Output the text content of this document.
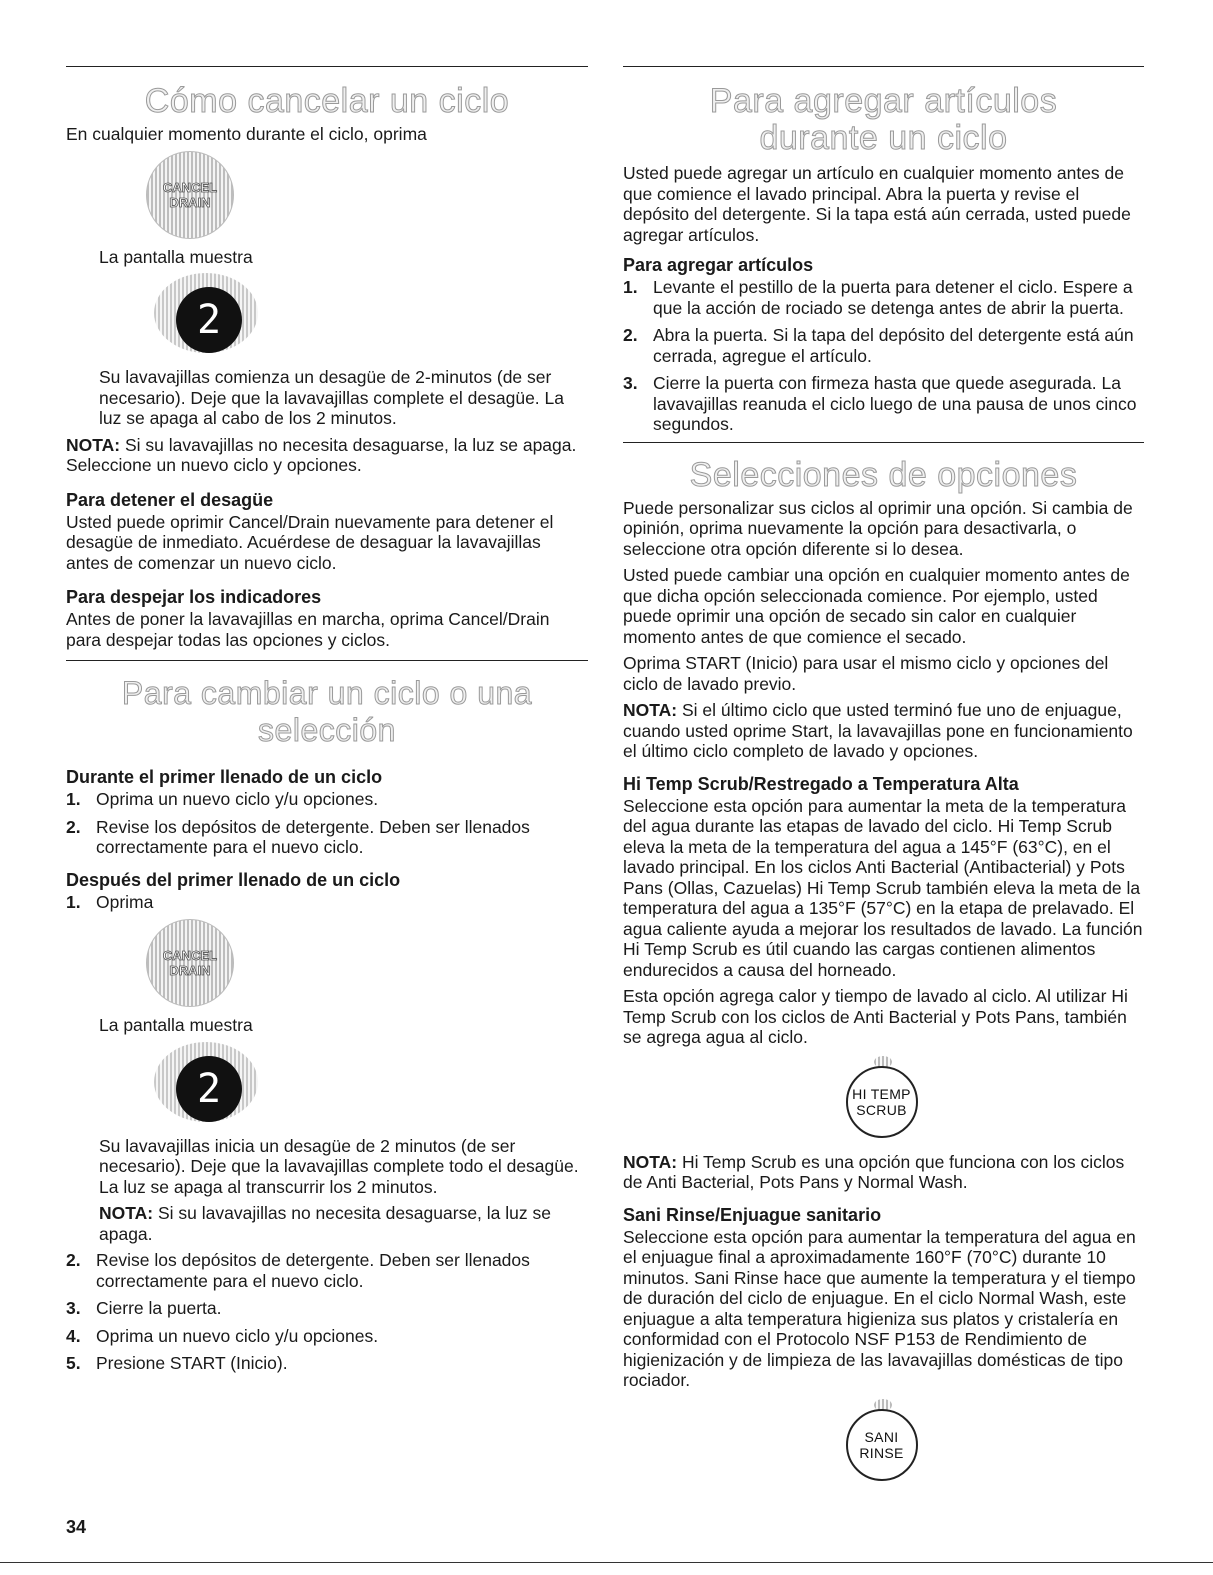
Cómo cancelar un ciclo

En cualquier momento durante el ciclo, oprima

CANCEL DRAIN

La pantalla muestra

2

Su lavavajillas comienza un desagüe de 2-minutos (de ser necesario). Deje que la lavavajillas complete el desagüe. La luz se apaga al cabo de los 2 minutos.

NOTA: Si su lavavajillas no necesita desaguarse, la luz se apaga. Seleccione un nuevo ciclo y opciones.

Para detener el desagüe

Usted puede oprimir Cancel/Drain nuevamente para detener el desagüe de inmediato. Acuérdese de desaguar la lavavajillas antes de comenzar un nuevo ciclo.

Para despejar los indicadores

Antes de poner la lavavajillas en marcha, oprima Cancel/Drain para despejar todas las opciones y ciclos.

Para cambiar un ciclo o una selección
Durante el primer llenado de un ciclo
1. Oprima un nuevo ciclo y/u opciones.
2. Revise los depósitos de detergente. Deben ser llenados correctamente para el nuevo ciclo.
Después del primer llenado de un ciclo
1. Oprima
CANCEL DRAIN

La pantalla muestra

2

Su lavavajillas inicia un desagüe de 2 minutos (de ser necesario). Deje que la lavavajillas complete todo el desagüe. La luz se apaga al transcurrir los 2 minutos.

NOTA: Si su lavavajillas no necesita desaguarse, la luz se apaga.

2. Revise los depósitos de detergente. Deben ser llenados correctamente para el nuevo ciclo.
3. Cierre la puerta.
4. Oprima un nuevo ciclo y/u opciones.
5. Presione START (Inicio).
Para agregar artículos durante un ciclo

Usted puede agregar un artículo en cualquier momento antes de que comience el lavado principal. Abra la puerta y revise el depósito del detergente. Si la tapa está aún cerrada, usted puede agregar artículos.

Para agregar artículos
1. Levante el pestillo de la puerta para detener el ciclo. Espere a que la acción de rociado se detenga antes de abrir la puerta.
2. Abra la puerta. Si la tapa del depósito del detergente está aún cerrada, agregue el artículo.
3. Cierre la puerta con firmeza hasta que quede asegurada. La lavavajillas reanuda el ciclo luego de una pausa de unos cinco segundos.
Selecciones de opciones

Puede personalizar sus ciclos al oprimir una opción. Si cambia de opinión, oprima nuevamente la opción para desactivarla, o seleccione otra opción diferente si lo desea.

Usted puede cambiar una opción en cualquier momento antes de que dicha opción seleccionada comience. Por ejemplo, usted puede oprimir una opción de secado sin calor en cualquier momento antes de que comience el secado.

Oprima START (Inicio) para usar el mismo ciclo y opciones del ciclo de lavado previo.

NOTA: Si el último ciclo que usted terminó fue uno de enjuague, cuando usted oprime Start, la lavavajillas pone en funcionamiento el último ciclo completo de lavado y opciones.

Hi Temp Scrub/Restregado a Temperatura Alta

Seleccione esta opción para aumentar la meta de la temperatura del agua durante las etapas de lavado del ciclo. Hi Temp Scrub eleva la meta de la temperatura del agua a 145°F (63°C), en el lavado principal. En los ciclos Anti Bacterial (Antibacterial) y Pots Pans (Ollas, Cazuelas) Hi Temp Scrub también eleva la meta de la temperatura del agua a 135°F (57°C) en la etapa de prelavado. El agua caliente ayuda a mejorar los resultados de lavado. La función Hi Temp Scrub es útil cuando las cargas contienen alimentos endurecidos a causa del horneado.

Esta opción agrega calor y tiempo de lavado al ciclo. Al utilizar Hi Temp Scrub con los ciclos de Anti Bacterial y Pots Pans, también se agrega agua al ciclo.

HI TEMP
SCRUB

NOTA: Hi Temp Scrub es una opción que funciona con los ciclos de Anti Bacterial, Pots Pans y Normal Wash.

Sani Rinse/Enjuague sanitario

Seleccione esta opción para aumentar la temperatura del agua en el enjuague final a aproximadamente 160°F (70°C) durante 10 minutos. Sani Rinse hace que aumente la temperatura y el tiempo de duración del ciclo de enjuague. En el ciclo Normal Wash, este enjuague a alta temperatura higieniza sus platos y cristalería en conformidad con el Protocolo NSF P153 de Rendimiento de higienización y de limpieza de las lavavajillas domésticas de tipo rociador.

SANI
RINSE
34
